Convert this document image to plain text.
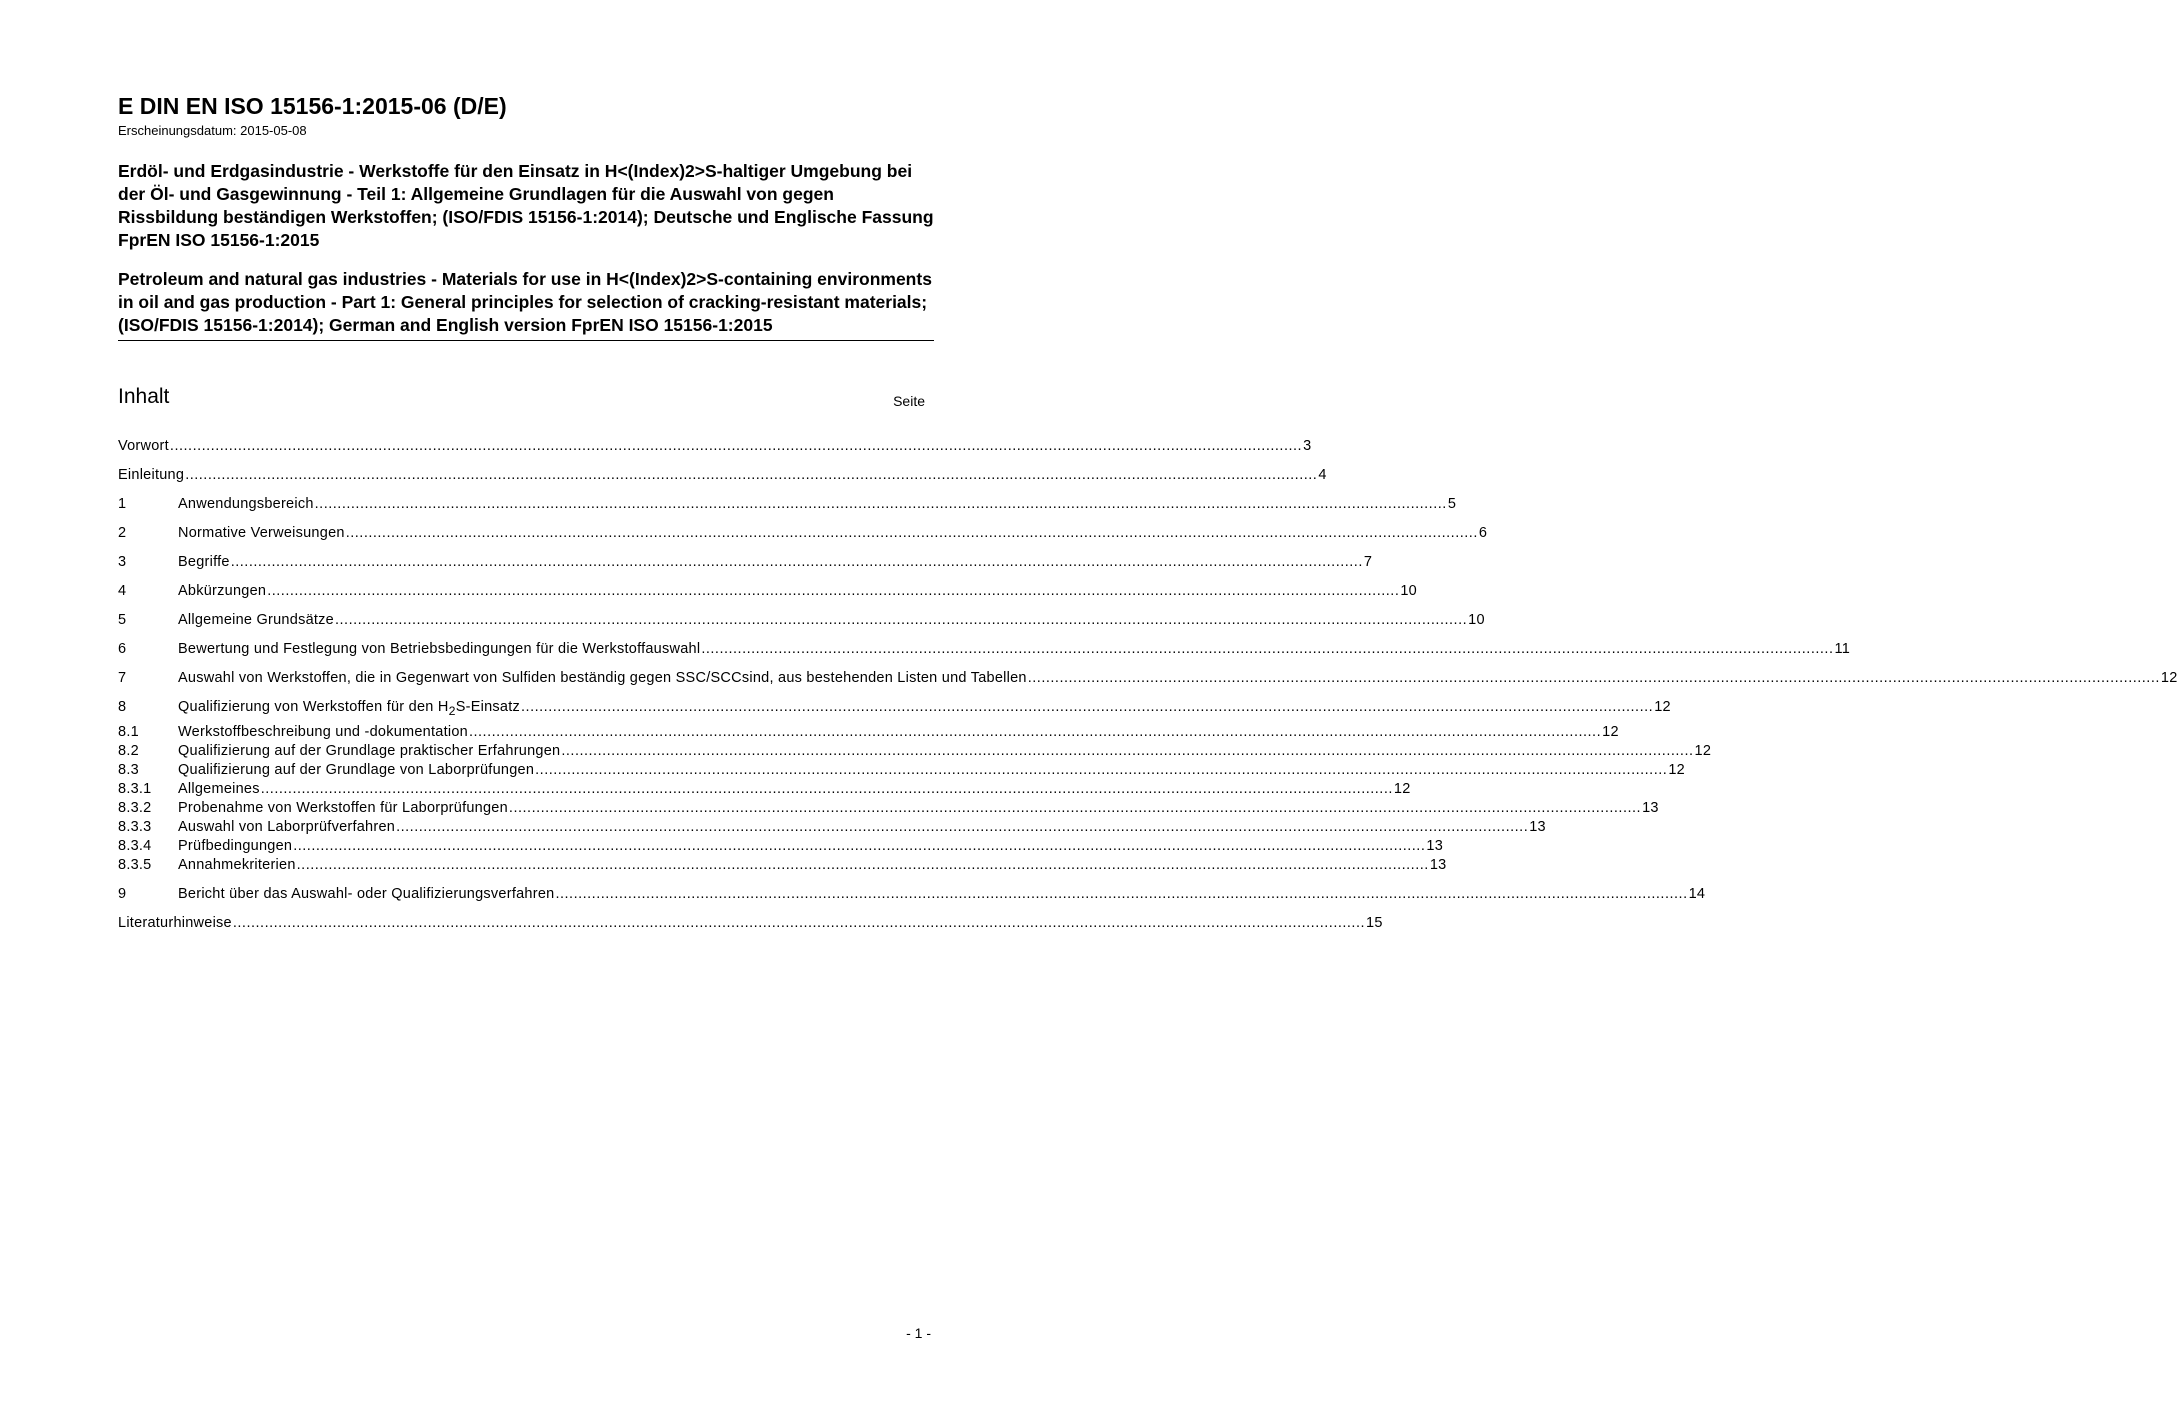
E DIN EN ISO 15156-1:2015-06 (D/E)

Erscheinungsdatum: 2015-05-08

Erdöl- und Erdgasindustrie - Werkstoffe für den Einsatz in H<(Index)2>S-haltiger Umgebung bei der Öl- und Gasgewinnung - Teil 1: Allgemeine Grundlagen für die Auswahl von gegen Rissbildung beständigen Werkstoffen; (ISO/FDIS 15156-1:2014); Deutsche und Englische Fassung FprEN ISO 15156-1:2015

Petroleum and natural gas industries - Materials for use in H<(Index)2>S-containing environments in oil and gas production - Part 1: General principles for selection of cracking-resistant materials; (ISO/FDIS 15156-1:2014); German and English version FprEN ISO 15156-1:2015

Inhalt	Seite
Vorwort .....	3
Einleitung .....	4
1	Anwendungsbereich .....	5
2	Normative Verweisungen .....	6
3	Begriffe .....	7
4	Abkürzungen .....	10
5	Allgemeine Grundsätze .....	10
6	Bewertung und Festlegung von Betriebsbedingungen für die Werkstoffauswahl .....	11
7	Auswahl von Werkstoffen, die in Gegenwart von Sulfiden beständig gegen SSC/SCC sind, aus bestehenden Listen und Tabellen .....	12
8	Qualifizierung von Werkstoffen für den $H_2S$-Einsatz .....	12
8.1	Werkstoffbeschreibung und -dokumentation .....	12
8.2	Qualifizierung auf der Grundlage praktischer Erfahrungen .....	12
8.3	Qualifizierung auf der Grundlage von Laborprüfungen .....	12
8.3.1	Allgemeines .....	12
8.3.2	Probenahme von Werkstoffen für Laborprüfungen .....	13
8.3.3	Auswahl von Laborprüfverfahren .....	13
8.3.4	Prüfbedingungen .....	13
8.3.5	Annahmekriterien .....	13
9	Bericht über das Auswahl- oder Qualifizierungsverfahren .....	14
Literaturhinweise .....	15
- 1 -
